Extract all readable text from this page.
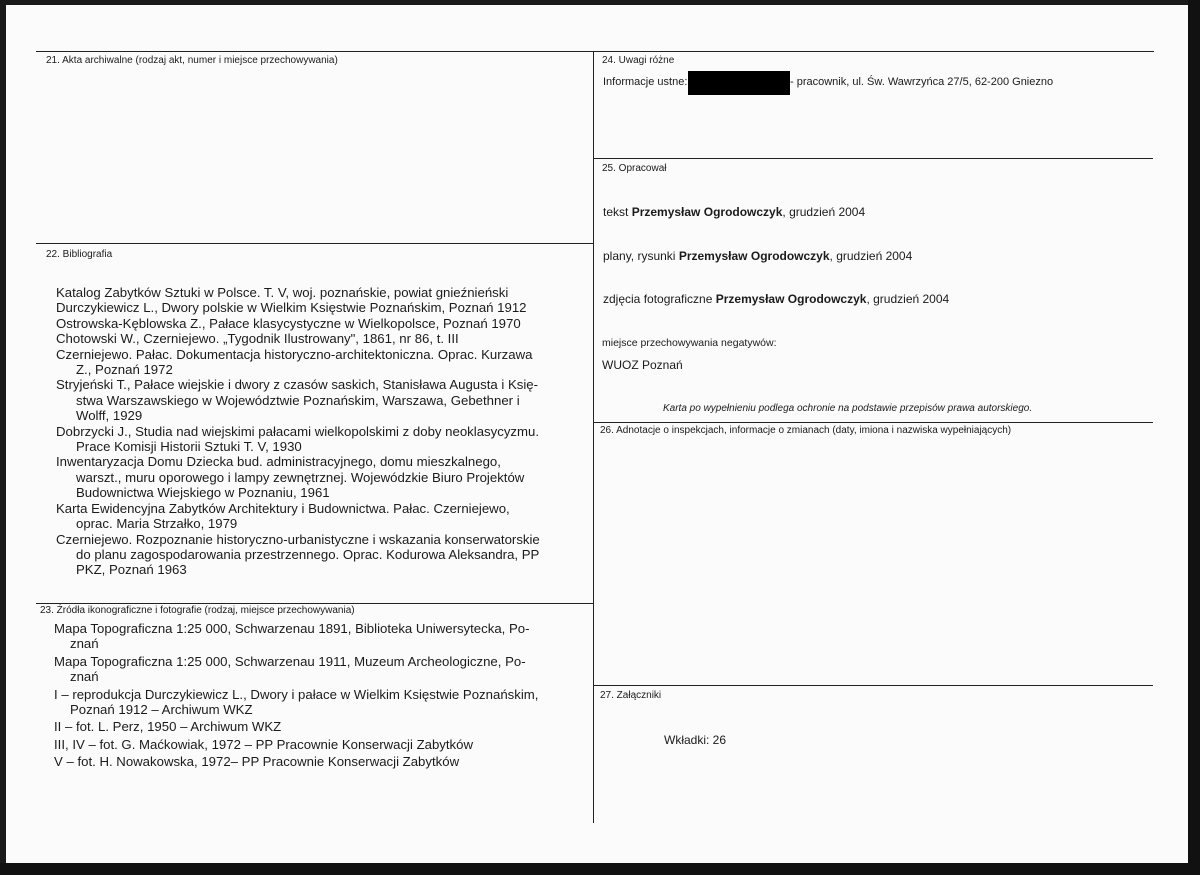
21. Akta archiwalne (rodzaj akt, numer i miejsce przechowywania)
22. Bibliografia
Katalog Zabytków Sztuki w Polsce. T. V, woj. poznańskie, powiat gnieźnieński
Durczykiewicz L., Dwory polskie w Wielkim Księstwie Poznańskim, Poznań 1912
Ostrowska-Kęblowska Z., Pałace klasycystyczne w Wielkopolsce, Poznań 1970
Chotowski W., Czerniejewo. „Tygodnik Ilustrowany", 1861, nr 86, t. III
Czerniejewo. Pałac. Dokumentacja historyczno-architektoniczna. Oprac. Kurzawa
Z., Poznań 1972
Stryjeński T., Pałace wiejskie i dwory z czasów saskich, Stanisława Augusta i Księ-
stwa Warszawskiego w Województwie Poznańskim, Warszawa, Gebethner i
Wolff, 1929
Dobrzycki J., Studia nad wiejskimi pałacami wielkopolskimi z doby neoklasycyzmu.
Prace Komisji Historii Sztuki T. V, 1930
Inwentaryzacja Domu Dziecka bud. administracyjnego, domu mieszkalnego,
warszt., muru oporowego i lampy zewnętrznej. Wojewódzkie Biuro Projektów
Budownictwa Wiejskiego w Poznaniu, 1961
Karta Ewidencyjna Zabytków Architektury i Budownictwa. Pałac. Czerniejewo,
oprac. Maria Strzałko, 1979
Czerniejewo. Rozpoznanie historyczno-urbanistyczne i wskazania konserwatorskie
do planu zagospodarowania przestrzennego. Oprac. Kodurowa Aleksandra, PP
PKZ, Poznań 1963
23. Źródła ikonograficzne i fotografie (rodzaj, miejsce przechowywania)
Mapa Topograficzna 1:25 000, Schwarzenau 1891, Biblioteka Uniwersytecka, Po-
znań
Mapa Topograficzna 1:25 000, Schwarzenau 1911, Muzeum Archeologiczne, Po-
znań
I – reprodukcja Durczykiewicz L., Dwory i pałace w Wielkim Księstwie Poznańskim,
Poznań 1912 – Archiwum WKZ
II – fot. L. Perz, 1950 – Archiwum WKZ
III, IV – fot. G. Maćkowiak, 1972 – PP Pracownie Konserwacji Zabytków
V – fot. H. Nowakowska, 1972– PP Pracownie Konserwacji Zabytków
24. Uwagi różne
Informacje ustne:	- pracownik, ul. Św. Wawrzyńca 27/5, 62-200 Gniezno
25. Opracował
tekst Przemysław Ogrodowczyk, grudzień 2004
plany, rysunki Przemysław Ogrodowczyk, grudzień 2004
zdjęcia fotograficzne Przemysław Ogrodowczyk, grudzień 2004
miejsce przechowywania negatywów:
WUOZ Poznań
Karta po wypełnieniu podlega ochronie na podstawie przepisów prawa autorskiego.
26. Adnotacje o inspekcjach, informacje o zmianach (daty, imiona i nazwiska wypełniających)
27. Załączniki
Wkładki: 26
